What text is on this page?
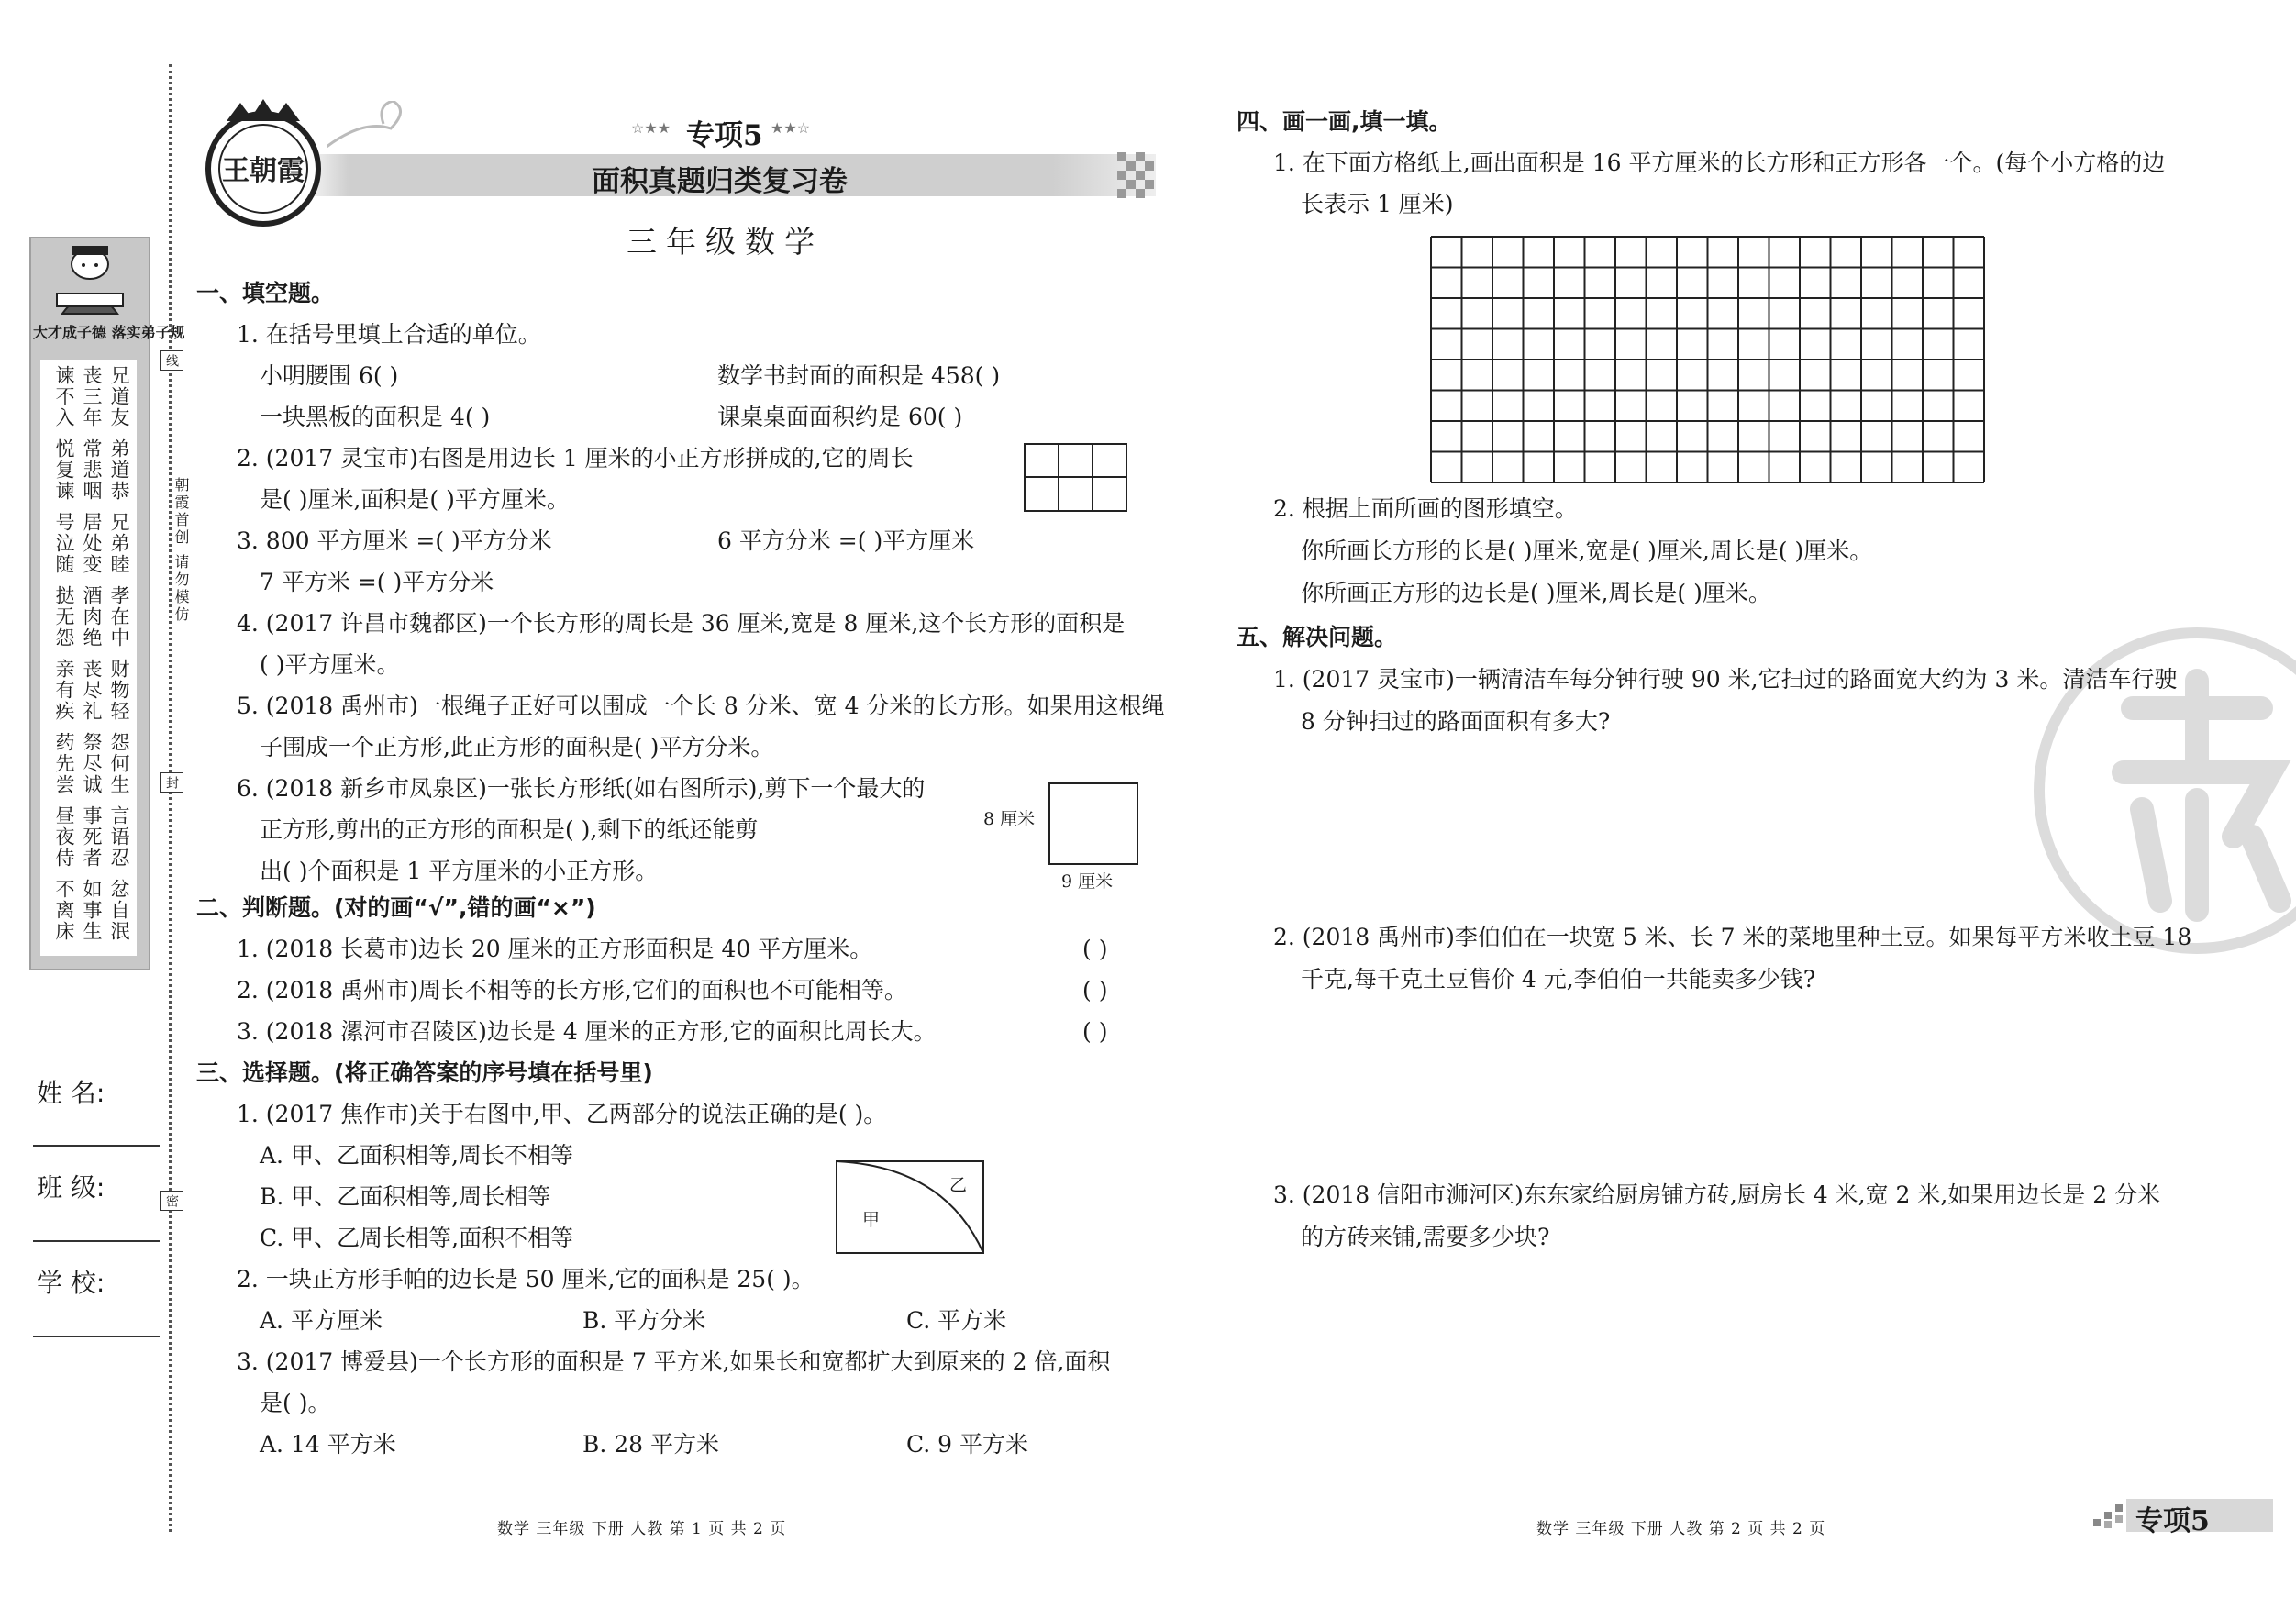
大才成子德 落实弟子规
兄道友
丧三年
谏不入
弟道恭
常悲咽
悦复谏
兄弟睦
居处变
号泣随
孝在中
酒肉绝
挞无怨
财物轻
丧尽礼
亲有疾
怨何生
祭尽诚
药先尝
言语忍
事死者
昼夜侍
忿自泯
如事生
不离床
线
封
密
朝霞首创 请勿模仿
姓 名:
班 级:
学 校:
王朝霞
☆★★ 专项5 ★★☆
面积真题归类复习卷
三年级数学
一、填空题。
1. 在括号里填上合适的单位。
小明腰围 6( )	数学书封面的面积是 458( )
一块黑板的面积是 4( )	课桌桌面面积约是 60( )
2. (2017 灵宝市)右图是用边长 1 厘米的小正方形拼成的,它的周长
是( )厘米,面积是( )平方厘米。
3. 800 平方厘米 =( )平方分米	6 平方分米 =( )平方厘米
7 平方米 =( )平方分米
4. (2017 许昌市魏都区)一个长方形的周长是 36 厘米,宽是 8 厘米,这个长方形的面积是
( )平方厘米。
5. (2018 禹州市)一根绳子正好可以围成一个长 8 分米、宽 4 分米的长方形。如果用这根绳
子围成一个正方形,此正方形的面积是( )平方分米。
6. (2018 新乡市凤泉区)一张长方形纸(如右图所示),剪下一个最大的
正方形,剪出的正方形的面积是( ),剩下的纸还能剪
出( )个面积是 1 平方厘米的小正方形。
8 厘米
9 厘米
二、判断题。(对的画“√”,错的画“×”)
1. (2018 长葛市)边长 20 厘米的正方形面积是 40 平方厘米。	( )
2. (2018 禹州市)周长不相等的长方形,它们的面积也不可能相等。	( )
3. (2018 漯河市召陵区)边长是 4 厘米的正方形,它的面积比周长大。	( )
三、选择题。(将正确答案的序号填在括号里)
1. (2017 焦作市)关于右图中,甲、乙两部分的说法正确的是( )。
A. 甲、乙面积相等,周长不相等
B. 甲、乙面积相等,周长相等
C. 甲、乙周长相等,面积不相等
甲
乙
2. 一块正方形手帕的边长是 50 厘米,它的面积是 25( )。
A. 平方厘米	B. 平方分米	C. 平方米
3. (2017 博爱县)一个长方形的面积是 7 平方米,如果长和宽都扩大到原来的 2 倍,面积
是( )。
A. 14 平方米	B. 28 平方米	C. 9 平方米
数学 三年级 下册 人教 第 1 页 共 2 页
四、画一画,填一填。
1. 在下面方格纸上,画出面积是 16 平方厘米的长方形和正方形各一个。(每个小方格的边
长表示 1 厘米)
2. 根据上面所画的图形填空。
你所画长方形的长是( )厘米,宽是( )厘米,周长是( )厘米。
你所画正方形的边长是( )厘米,周长是( )厘米。
五、解决问题。
1. (2017 灵宝市)一辆清洁车每分钟行驶 90 米,它扫过的路面宽大约为 3 米。清洁车行驶
8 分钟扫过的路面面积有多大?
2. (2018 禹州市)李伯伯在一块宽 5 米、长 7 米的菜地里种土豆。如果每平方米收土豆 18
千克,每千克土豆售价 4 元,李伯伯一共能卖多少钱?
3. (2018 信阳市浉河区)东东家给厨房铺方砖,厨房长 4 米,宽 2 米,如果用边长是 2 分米
的方砖来铺,需要多少块?
数学 三年级 下册 人教 第 2 页 共 2 页	专项5
